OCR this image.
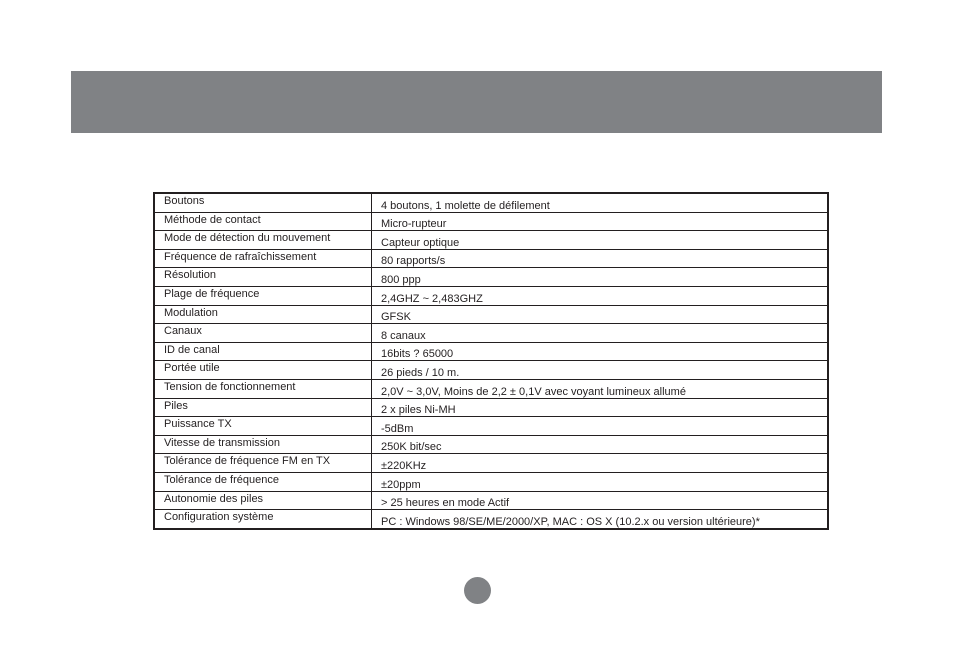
Boutons	4 boutons, 1 molette de défilement
Méthode de contact	Micro-rupteur
Mode de détection du mouvement	Capteur optique
Fréquence de rafraîchissement	80 rapports/s
Résolution	800 ppp
Plage de fréquence	2,4GHZ ~ 2,483GHZ
Modulation	GFSK
Canaux	8 canaux
ID de canal	16bits ? 65000
Portée utile	26 pieds / 10 m.
Tension de fonctionnement	2,0V ~ 3,0V, Moins de 2,2 ± 0,1V avec voyant lumineux allumé
Piles	2 x piles Ni-MH
Puissance TX	-5dBm
Vitesse de transmission	250K bit/sec
Tolérance de fréquence FM en TX	±220KHz
Tolérance de fréquence	±20ppm
Autonomie des piles	> 25 heures en mode Actif
Configuration système	PC : Windows 98/SE/ME/2000/XP, MAC : OS X (10.2.x ou version ultérieure)*
